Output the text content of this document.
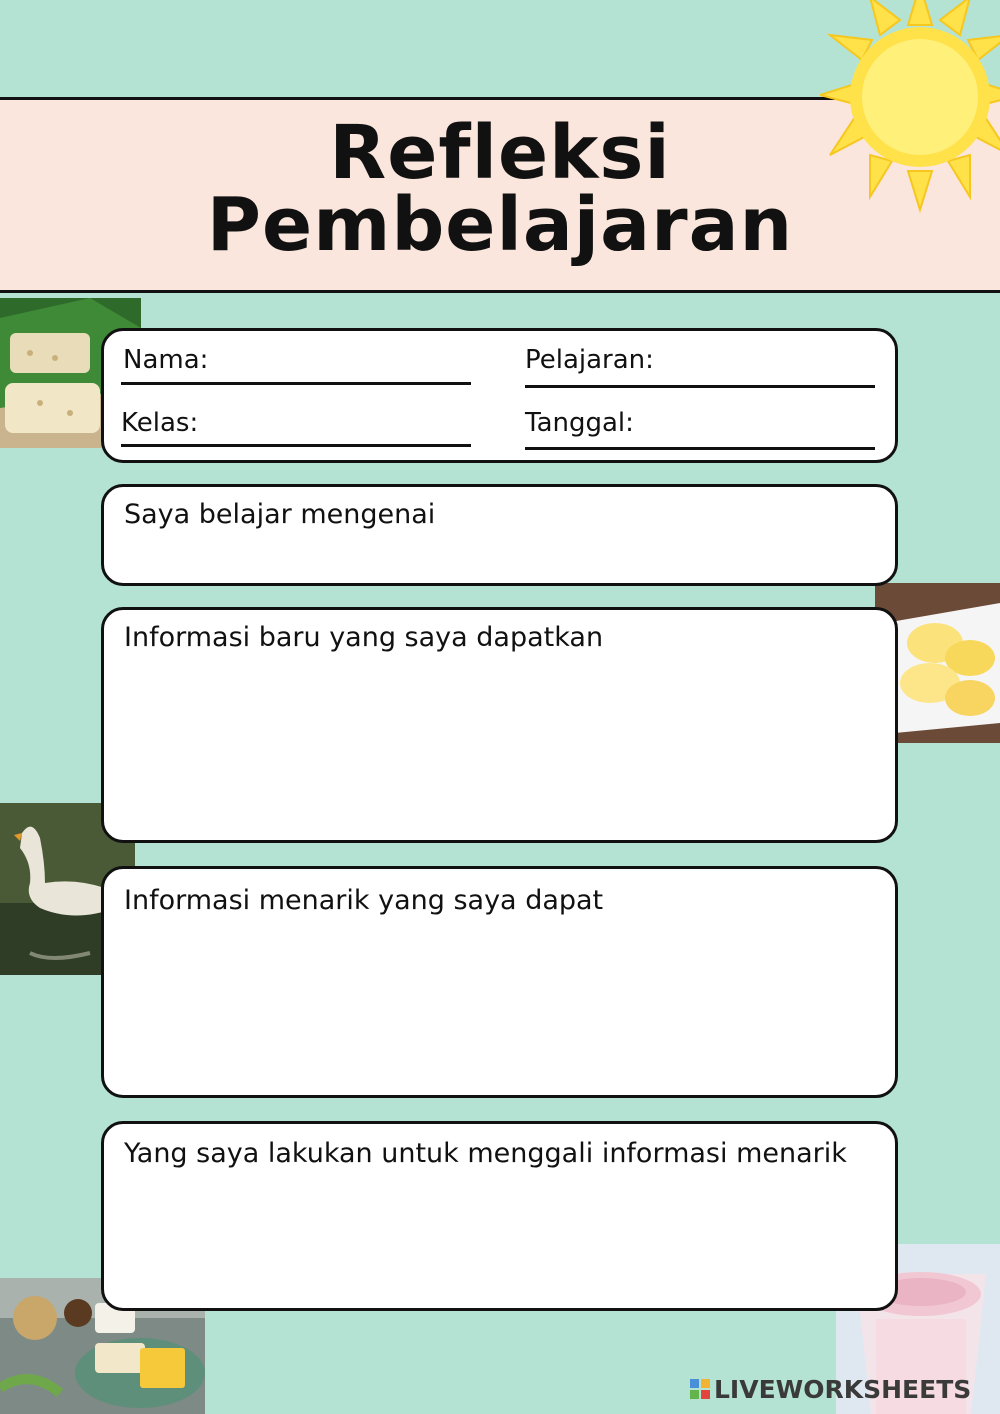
Refleksi
Pembelajaran
Nama:	Pelajaran:
Kelas:	Tanggal:
Saya belajar mengenai
Informasi baru yang saya dapatkan
Informasi menarik yang saya dapat
Yang saya lakukan untuk menggali informasi menarik
LIVEWORKSHEETS
